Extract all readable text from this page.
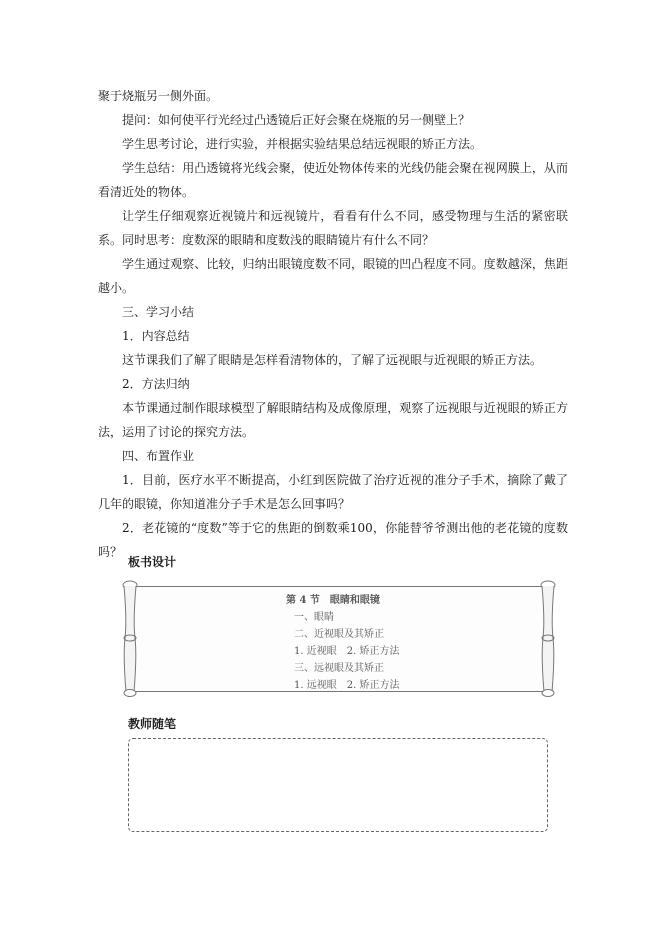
聚于烧瓶另一侧外面。

提问：如何使平行光经过凸透镜后正好会聚在烧瓶的另一侧壁上？

学生思考讨论，进行实验，并根据实验结果总结远视眼的矫正方法。

学生总结：用凸透镜将光线会聚，使近处物体传来的光线仍能会聚在视网膜上，从而看清近处的物体。

让学生仔细观察近视镜片和远视镜片，看看有什么不同，感受物理与生活的紧密联系。同时思考：度数深的眼睛和度数浅的眼睛镜片有什么不同？

学生通过观察、比较，归纳出眼镜度数不同，眼镜的凹凸程度不同。度数越深，焦距越小。

三、学习小结

1．内容总结

这节课我们了解了眼睛是怎样看清物体的，了解了远视眼与近视眼的矫正方法。

2．方法归纳

本节课通过制作眼球模型了解眼睛结构及成像原理，观察了远视眼与近视眼的矫正方法，运用了讨论的探究方法。

四、布置作业

1．目前，医疗水平不断提高，小红到医院做了治疗近视的准分子手术，摘除了戴了几年的眼镜，你知道准分子手术是怎么回事吗？

2．老花镜的“度数”等于它的焦距的倒数乘100，你能替爷爷测出他的老花镜的度数吗？

板书设计
第 4 节　眼睛和眼镜
一、眼睛
二、近视眼及其矫正
1. 近视眼　2. 矫正方法
三、远视眼及其矫正
1. 远视眼　2. 矫正方法
教师随笔
